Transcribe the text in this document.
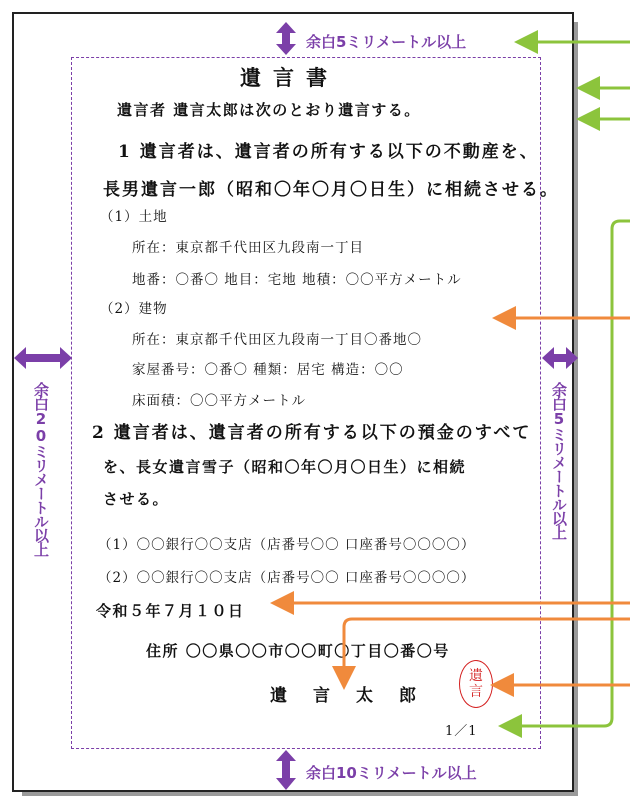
遺言書
遺言者 遺言太郎は次のとおり遺言する。
1 遺言者は、遺言者の所有する以下の不動産を、
長男遺言一郎（昭和〇年〇月〇日生）に相続させる。
（1）土地
所在：東京都千代田区九段南一丁目
地番：〇番〇 地目：宅地 地積：〇〇平方メートル
（2）建物
所在：東京都千代田区九段南一丁目〇番地〇
家屋番号：〇番〇 種類：居宅 構造：〇〇
床面積：〇〇平方メートル
2 遺言者は、遺言者の所有する以下の預金のすべて
を、長女遺言雪子（昭和〇年〇月〇日生）に相続
させる。
（1）〇〇銀行〇〇支店（店番号〇〇 口座番号〇〇〇〇）
（2）〇〇銀行〇〇支店（店番号〇〇 口座番号〇〇〇〇）
令和５年７月１０日
住所 〇〇県〇〇市〇〇町〇丁目〇番〇号
遺言太郎
遺
言
1／1
余白5ミリメートル以上
余白10ミリメートル以上
余白20ミリメートル以上	余白5ミリメートル以上
